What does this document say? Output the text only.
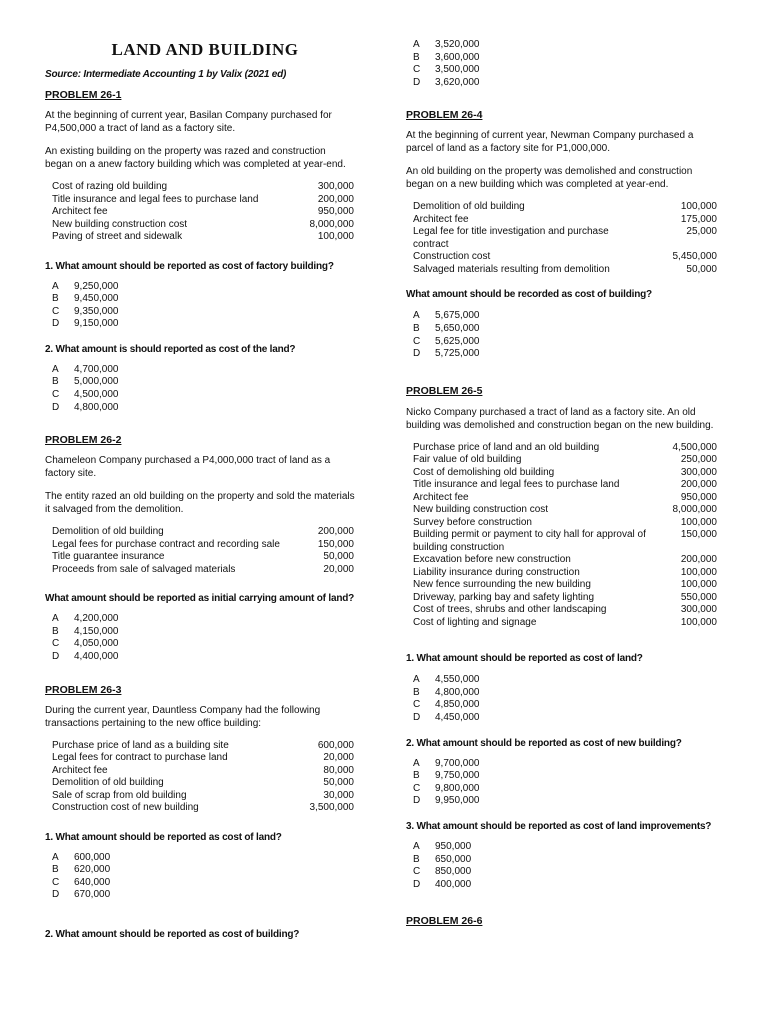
LAND AND BUILDING
Source: Intermediate Accounting 1 by Valix (2021 ed)
PROBLEM 26-1

At the beginning of current year, Basilan Company purchased for P4,500,000 a tract of land as a factory site.

An existing building on the property was razed and construction began on a anew factory building which was completed at year-end.

Cost of razing old building	300,000
Title insurance and legal fees to purchase land	200,000
Architect fee	950,000
New building construction cost	8,000,000
Paving of street and sidewalk	100,000
1. What amount should be reported as cost of factory building?
A	9,250,000
B	9,450,000
C	9,350,000
D	9,150,000
2. What amount is should reported as cost of the land?
A	4,700,000
B	5,000,000
C	4,500,000
D	4,800,000
PROBLEM 26-2

Chameleon Company purchased a P4,000,000 tract of land as a factory site.

The entity razed an old building on the property and sold the materials it salvaged from the demolition.

Demolition of old building	200,000
Legal fees for purchase contract and recording sale	150,000
Title guarantee insurance	50,000
Proceeds from sale of salvaged materials	20,000
What amount should be reported as initial carrying amount of land?
A	4,200,000
B	4,150,000
C	4,050,000
D	4,400,000
PROBLEM 26-3

During the current year, Dauntless Company had the following transactions pertaining to the new office building:

Purchase price of land as a building site	600,000
Legal fees for contract to purchase land	20,000
Architect fee	80,000
Demolition of old building	50,000
Sale of scrap from old building	30,000
Construction cost of new building	3,500,000
1. What amount should be reported as cost of land?
A	600,000
B	620,000
C	640,000
D	670,000
2. What amount should be reported as cost of building?
A	3,520,000
B	3,600,000
C	3,500,000
D	3,620,000
PROBLEM 26-4

At the beginning of current year, Newman Company purchased a parcel of land as a factory site for P1,000,000.

An old building on the property was demolished and construction began on a new building which was completed at year-end.

Demolition of old building	100,000
Architect fee	175,000
Legal fee for title investigation and purchase contract	25,000
Construction cost	5,450,000
Salvaged materials resulting from demolition	50,000
What amount should be recorded as cost of building?
A	5,675,000
B	5,650,000
C	5,625,000
D	5,725,000
PROBLEM 26-5

Nicko Company purchased a tract of land as a factory site. An old building was demolished and construction began on the new building.

Purchase price of land and an old building	4,500,000
Fair value of old building	250,000
Cost of demolishing old building	300,000
Title insurance and legal fees to purchase land	200,000
Architect fee	950,000
New building construction cost	8,000,000
Survey before construction	100,000
Building permit or payment to city hall for approval of building construction	150,000
Excavation before new construction	200,000
Liability insurance during construction	100,000
New fence surrounding the new building	100,000
Driveway, parking bay and safety lighting	550,000
Cost of trees, shrubs and other landscaping	300,000
Cost of lighting and signage	100,000
1. What amount should be reported as cost of land?
A	4,550,000
B	4,800,000
C	4,850,000
D	4,450,000
2. What amount should be reported as cost of new building?
A	9,700,000
B	9,750,000
C	9,800,000
D	9,950,000
3. What amount should be reported as cost of land improvements?
A	950,000
B	650,000
C	850,000
D	400,000
PROBLEM 26-6
